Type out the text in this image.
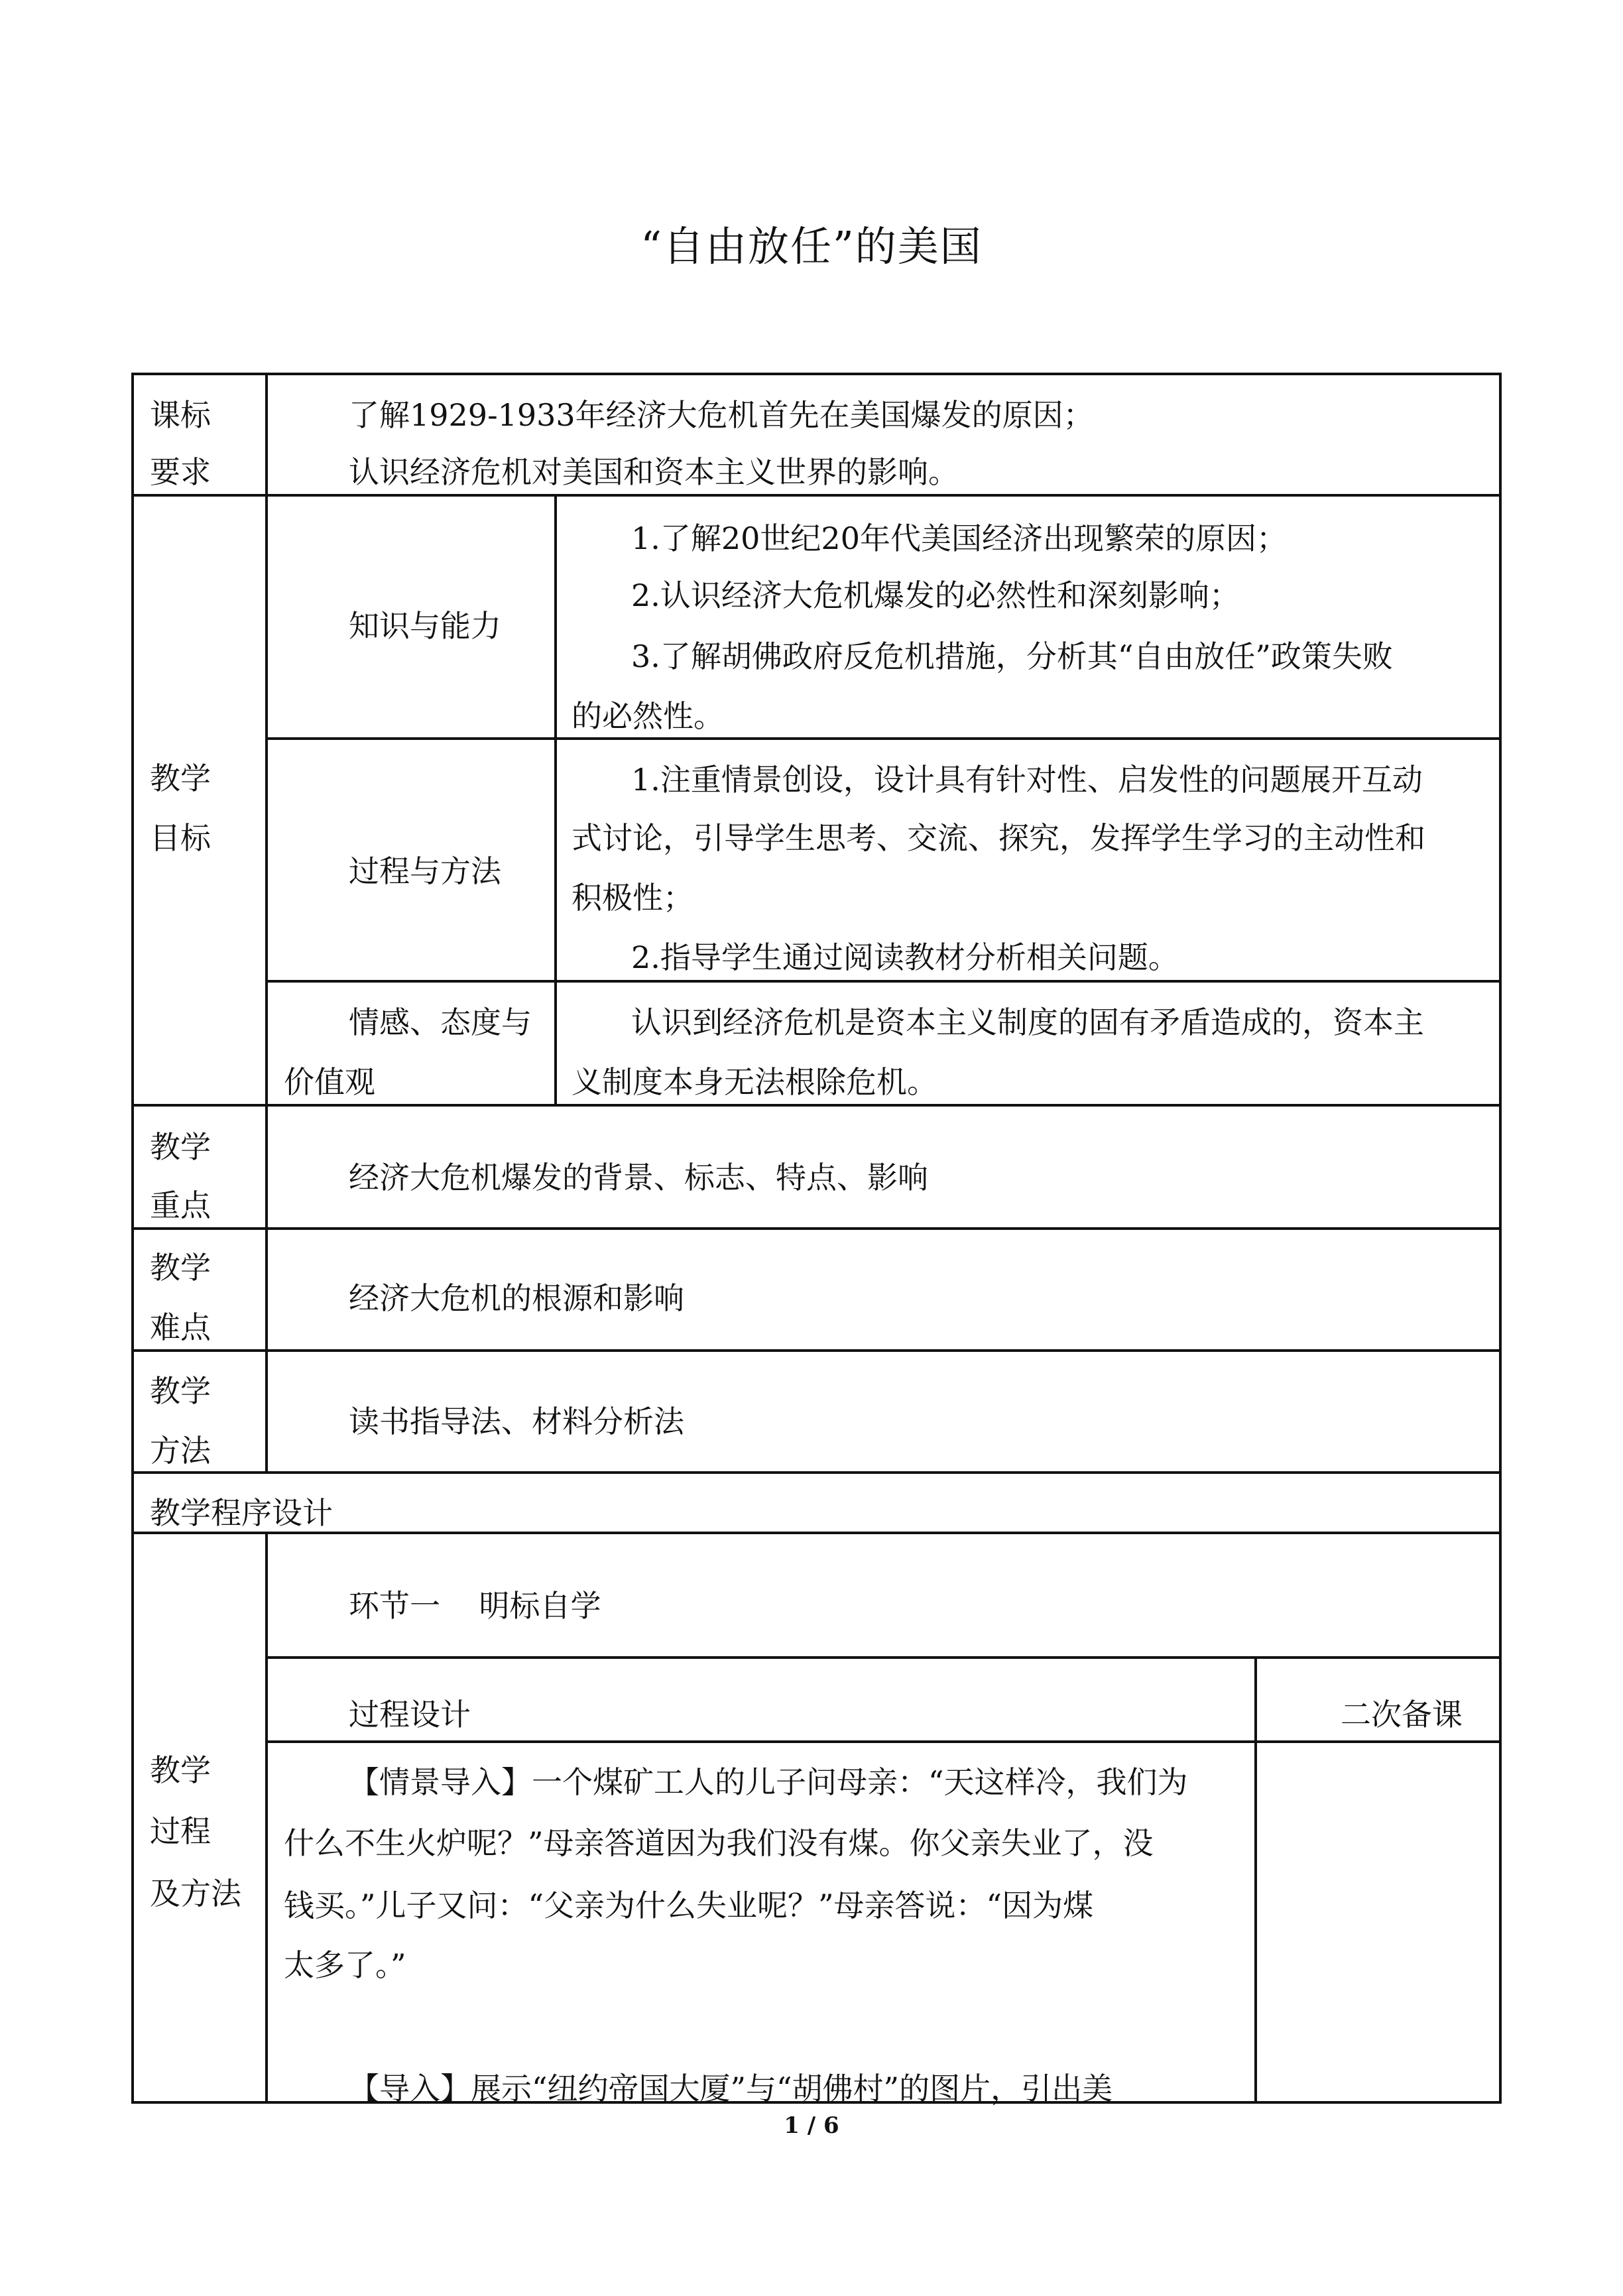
“自由放任”的美国
课标
要求
了解1929-1933年经济大危机首先在美国爆发的原因；
认识经济危机对美国和资本主义世界的影响。
教学
目标
知识与能力
1.了解20世纪20年代美国经济出现繁荣的原因；
2.认识经济大危机爆发的必然性和深刻影响；
3.了解胡佛政府反危机措施，分析其“自由放任”政策失败
的必然性。
过程与方法
1.注重情景创设，设计具有针对性、启发性的问题展开互动
式讨论，引导学生思考、交流、探究，发挥学生学习的主动性和
积极性；
2.指导学生通过阅读教材分析相关问题。
情感、态度与
价值观
认识到经济危机是资本主义制度的固有矛盾造成的，资本主
义制度本身无法根除危机。
教学
重点
经济大危机爆发的背景、标志、特点、影响
教学
难点
经济大危机的根源和影响
教学
方法
读书指导法、材料分析法
教学程序设计
教学
过程
及方法
环节一    明标自学
过程设计	二次备课
【情景导入】一个煤矿工人的儿子问母亲：“天这样冷，我们为
什么不生火炉呢？”母亲答道因为我们没有煤。你父亲失业了，没
钱买。”儿子又问：“父亲为什么失业呢？”母亲答说：“因为煤
太多了。”
【导入】展示“纽约帝国大厦”与“胡佛村”的图片，引出美
1 / 6
